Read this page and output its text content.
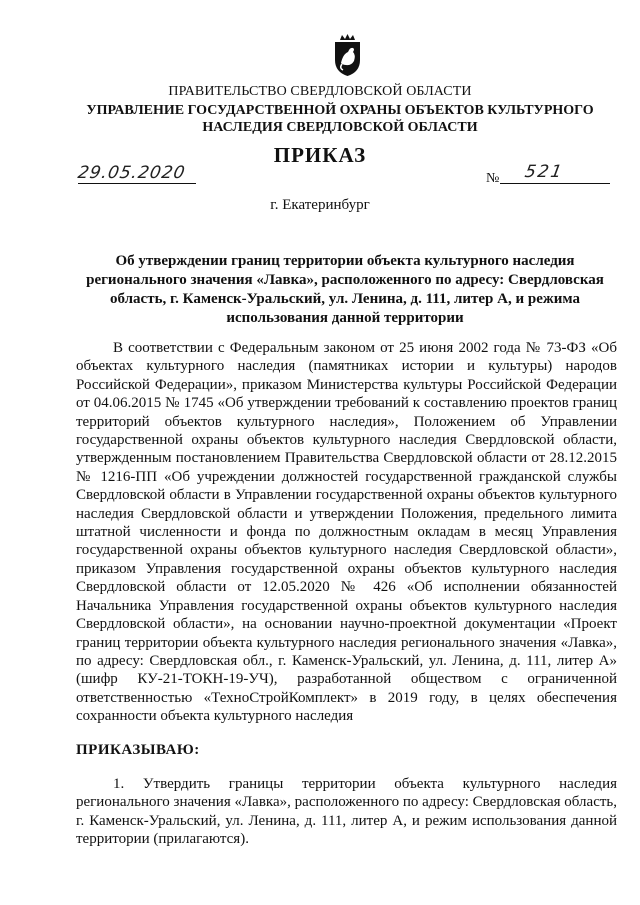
ПРАВИТЕЛЬСТВО СВЕРДЛОВСКОЙ ОБЛАСТИ
УПРАВЛЕНИЕ ГОСУДАРСТВЕННОЙ ОХРАНЫ ОБЪЕКТОВ КУЛЬТУРНОГО НАСЛЕДИЯ СВЕРДЛОВСКОЙ ОБЛАСТИ
ПРИКАЗ
29.05.2020	№ 521
г. Екатеринбург
Об утверждении границ территории объекта культурного наследия регионального значения «Лавка», расположенного по адресу: Свердловская область, г. Каменск-Уральский, ул. Ленина, д. 111, литер А, и режима использования данной территории
В соответствии с Федеральным законом от 25 июня 2002 года № 73-ФЗ «Об объектах культурного наследия (памятниках истории и культуры) народов Российской Федерации», приказом Министерства культуры Российской Федерации от 04.06.2015 № 1745 «Об утверждении требований к составлению проектов границ территорий объектов культурного наследия», Положением об Управлении государственной охраны объектов культурного наследия Свердловской области, утвержденным постановлением Правительства Свердловской области от 28.12.2015 № 1216-ПП «Об учреждении должностей государственной гражданской службы Свердловской области в Управлении государственной охраны объектов культурного наследия Свердловской области и утверждении Положения, предельного лимита штатной численности и фонда по должностным окладам в месяц Управления государственной охраны объектов культурного наследия Свердловской области», приказом Управления государственной охраны объектов культурного наследия Свердловской области от 12.05.2020 № 426 «Об исполнении обязанностей Начальника Управления государственной охраны объектов культурного наследия Свердловской области», на основании научно-проектной документации «Проект границ территории объекта культурного наследия регионального значения «Лавка», по адресу: Свердловская обл., г. Каменск-Уральский, ул. Ленина, д. 111, литер А» (шифр КУ-21-ТОКН-19-УЧ), разработанной обществом с ограниченной ответственностью «ТехноСтройКомплект» в 2019 году, в целях обеспечения сохранности объекта культурного наследия
ПРИКАЗЫВАЮ:
1. Утвердить границы территории объекта культурного наследия регионального значения «Лавка», расположенного по адресу: Свердловская область, г. Каменск-Уральский, ул. Ленина, д. 111, литер А, и режим использования данной территории (прилагаются).
